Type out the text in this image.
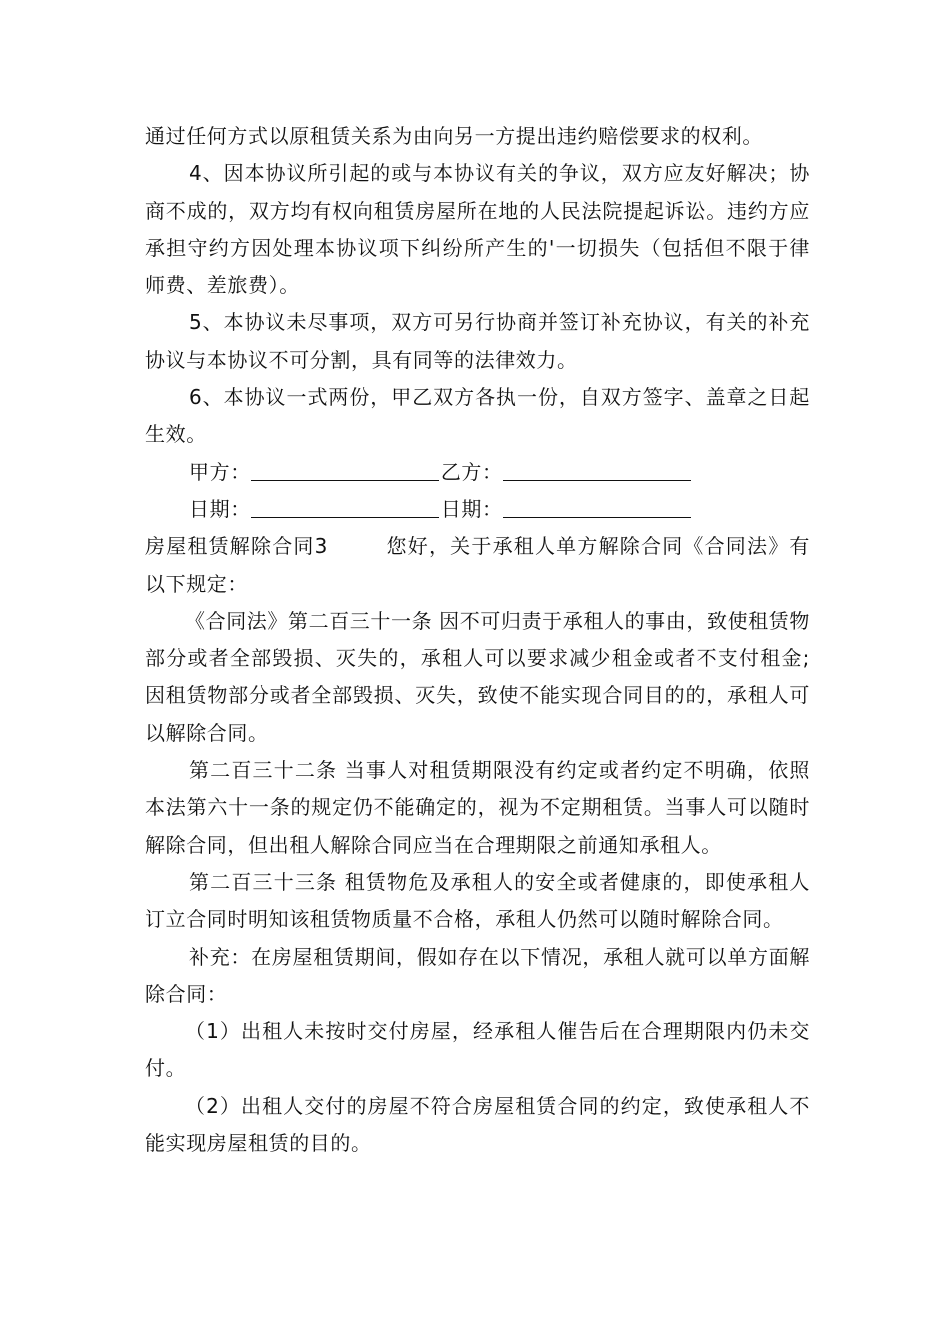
通过任何方式以原租赁关系为由向另一方提出违约赔偿要求的权利。

4、因本协议所引起的或与本协议有关的争议，双方应友好解决；协商不成的，双方均有权向租赁房屋所在地的人民法院提起诉讼。违约方应承担守约方因处理本协议项下纠纷所产生的'一切损失（包括但不限于律师费、差旅费）。

5、本协议未尽事项，双方可另行协商并签订补充协议，有关的补充协议与本协议不可分割，具有同等的法律效力。

6、本协议一式两份，甲乙双方各执一份，自双方签字、盖章之日起生效。

甲方：	乙方：

日期：	日期：

房屋租赁解除合同3	您好，关于承租人单方解除合同《合同法》有以下规定：

《合同法》第二百三十一条 因不可归责于承租人的事由，致使租赁物部分或者全部毁损、灭失的，承租人可以要求减少租金或者不支付租金;因租赁物部分或者全部毁损、灭失，致使不能实现合同目的的，承租人可以解除合同。

第二百三十二条 当事人对租赁期限没有约定或者约定不明确，依照本法第六十一条的规定仍不能确定的，视为不定期租赁。当事人可以随时解除合同，但出租人解除合同应当在合理期限之前通知承租人。

第二百三十三条 租赁物危及承租人的安全或者健康的，即使承租人订立合同时明知该租赁物质量不合格，承租人仍然可以随时解除合同。

补充：在房屋租赁期间，假如存在以下情况，承租人就可以单方面解除合同：

（1）出租人未按时交付房屋，经承租人催告后在合理期限内仍未交付。

（2）出租人交付的房屋不符合房屋租赁合同的约定，致使承租人不能实现房屋租赁的目的。
